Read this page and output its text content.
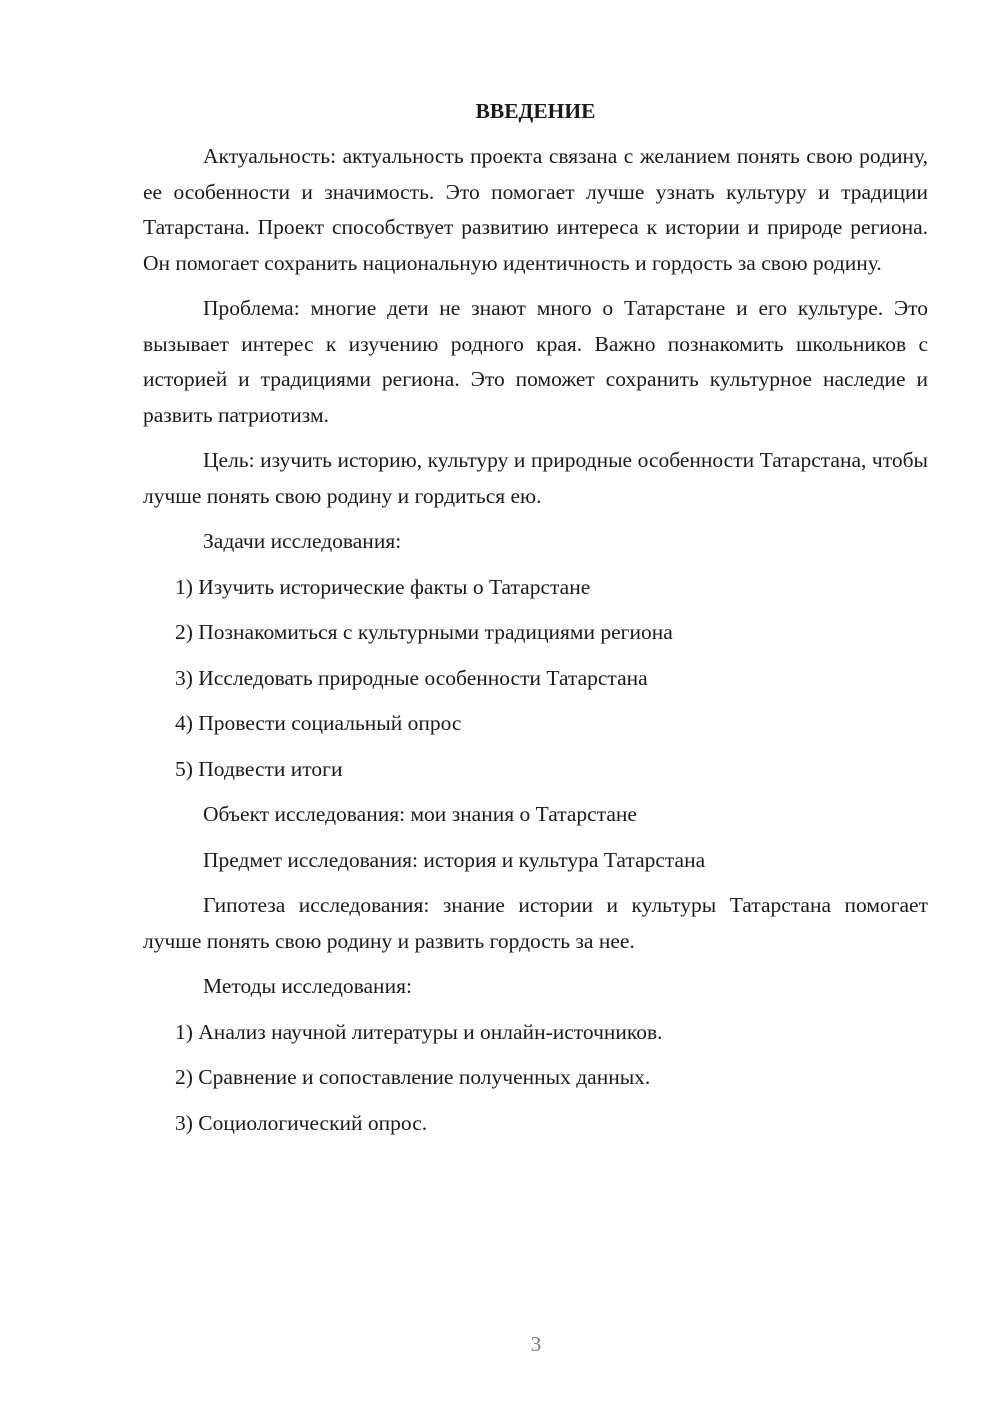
ВВЕДЕНИЕ
Актуальность: актуальность проекта связана с желанием понять свою родину, ее особенности и значимость. Это помогает лучше узнать культуру и традиции Татарстана. Проект способствует развитию интереса к истории и природе региона. Он помогает сохранить национальную идентичность и гордость за свою родину.
Проблема: многие дети не знают много о Татарстане и его культуре. Это вызывает интерес к изучению родного края. Важно познакомить школьников с историей и традициями региона. Это поможет сохранить культурное наследие и развить патриотизм.
Цель: изучить историю, культуру и природные особенности Татарстана, чтобы лучше понять свою родину и гордиться ею.
Задачи исследования:
1) Изучить исторические факты о Татарстане
2) Познакомиться с культурными традициями региона
3) Исследовать природные особенности Татарстана
4) Провести социальный опрос
5) Подвести итоги
Объект исследования: мои знания о Татарстане
Предмет исследования: история и культура Татарстана
Гипотеза исследования: знание истории и культуры Татарстана помогает лучше понять свою родину и развить гордость за нее.
Методы исследования:
1) Анализ научной литературы и онлайн-источников.
2) Сравнение и сопоставление полученных данных.
3) Социологический опрос.
3
